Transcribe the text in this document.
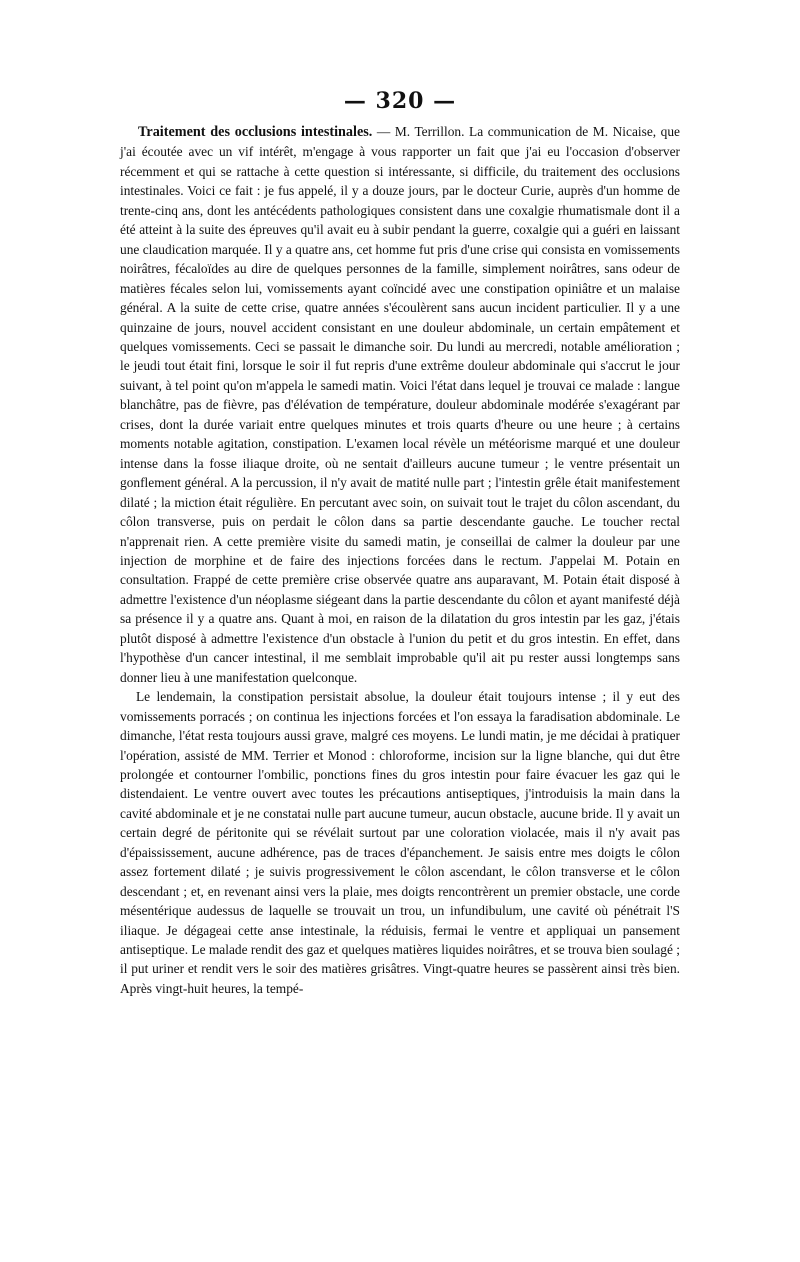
— 320 —

Traitement des occlusions intestinales. — M. Terrillon. La communication de M. Nicaise, que j'ai écoutée avec un vif intérêt, m'engage à vous rapporter un fait que j'ai eu l'occasion d'observer récemment et qui se rattache à cette question si intéressante, si difficile, du traitement des occlusions intestinales. Voici ce fait : je fus appelé, il y a douze jours, par le docteur Curie, auprès d'un homme de trente-cinq ans, dont les antécédents pathologiques consistent dans une coxalgie rhumatismale dont il a été atteint à la suite des épreuves qu'il avait eu à subir pendant la guerre, coxalgie qui a guéri en laissant une claudication marquée. Il y a quatre ans, cet homme fut pris d'une crise qui consista en vomissements noirâtres, fécaloïdes au dire de quelques personnes de la famille, simplement noirâtres, sans odeur de matières fécales selon lui, vomissements ayant coïncidé avec une constipation opiniâtre et un malaise général. A la suite de cette crise, quatre années s'écoulèrent sans aucun incident particulier. Il y a une quinzaine de jours, nouvel accident consistant en une douleur abdominale, un certain empâtement et quelques vomissements. Ceci se passait le dimanche soir. Du lundi au mercredi, notable amélioration ; le jeudi tout était fini, lorsque le soir il fut repris d'une extrême douleur abdominale qui s'accrut le jour suivant, à tel point qu'on m'appela le samedi matin. Voici l'état dans lequel je trouvai ce malade : langue blanchâtre, pas de fièvre, pas d'élévation de température, douleur abdominale modérée s'exagérant par crises, dont la durée variait entre quelques minutes et trois quarts d'heure ou une heure ; à certains moments notable agitation, constipation. L'examen local révèle un météorisme marqué et une douleur intense dans la fosse iliaque droite, où ne sentait d'ailleurs aucune tumeur ; le ventre présentait un gonflement général. A la percussion, il n'y avait de matité nulle part ; l'intestin grêle était manifestement dilaté ; la miction était régulière. En percutant avec soin, on suivait tout le trajet du côlon ascendant, du côlon transverse, puis on perdait le côlon dans sa partie descendante gauche. Le toucher rectal n'apprenait rien. A cette première visite du samedi matin, je conseillai de calmer la douleur par une injection de morphine et de faire des injections forcées dans le rectum. J'appelai M. Potain en consultation. Frappé de cette première crise observée quatre ans auparavant, M. Potain était disposé à admettre l'existence d'un néoplasme siégeant dans la partie descendante du côlon et ayant manifesté déjà sa présence il y a quatre ans. Quant à moi, en raison de la dilatation du gros intestin par les gaz, j'étais plutôt disposé à admettre l'existence d'un obstacle à l'union du petit et du gros intestin. En effet, dans l'hypothèse d'un cancer intestinal, il me semblait improbable qu'il ait pu rester aussi longtemps sans donner lieu à une manifestation quelconque.

Le lendemain, la constipation persistait absolue, la douleur était toujours intense ; il y eut des vomissements porracés ; on continua les injections forcées et l'on essaya la faradisation abdominale. Le dimanche, l'état resta toujours aussi grave, malgré ces moyens. Le lundi matin, je me décidai à pratiquer l'opération, assisté de MM. Terrier et Monod : chloroforme, incision sur la ligne blanche, qui dut être prolongée et contourner l'ombilic, ponctions fines du gros intestin pour faire évacuer les gaz qui le distendaient. Le ventre ouvert avec toutes les précautions antiseptiques, j'introduisis la main dans la cavité abdominale et je ne constatai nulle part aucune tumeur, aucun obstacle, aucune bride. Il y avait un certain degré de péritonite qui se révélait surtout par une coloration violacée, mais il n'y avait pas d'épaississement, aucune adhérence, pas de traces d'épanchement. Je saisis entre mes doigts le côlon assez fortement dilaté ; je suivis progressivement le côlon ascendant, le côlon transverse et le côlon descendant ; et, en revenant ainsi vers la plaie, mes doigts rencontrèrent un premier obstacle, une corde mésentérique audessus de laquelle se trouvait un trou, un infundibulum, une cavité où pénétrait l'S iliaque. Je dégageai cette anse intestinale, la réduisis, fermai le ventre et appliquai un pansement antiseptique. Le malade rendit des gaz et quelques matières liquides noirâtres, et se trouva bien soulagé ; il put uriner et rendit vers le soir des matières grisâtres. Vingt-quatre heures se passèrent ainsi très bien. Après vingt-huit heures, la tempé-
